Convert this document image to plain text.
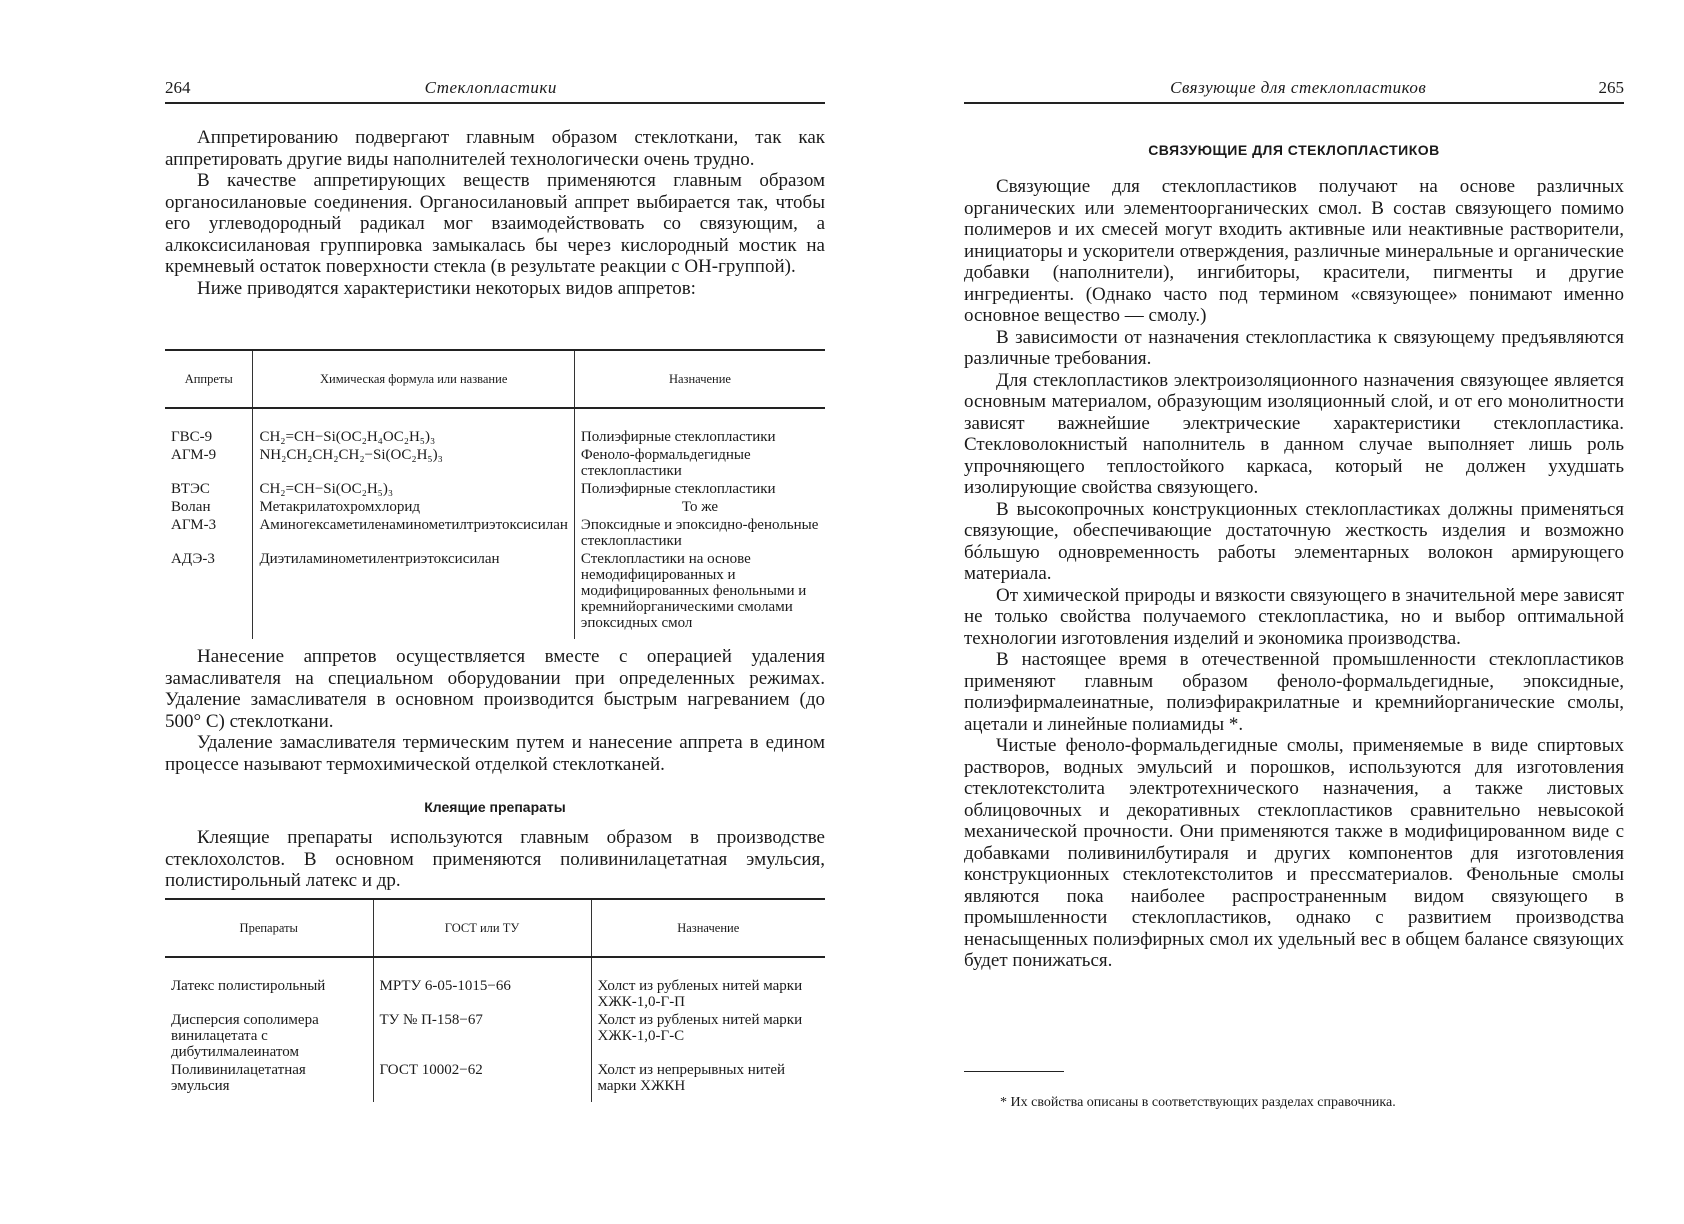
264	Стеклопластики

Аппретированию подвергают главным образом стеклоткани, так как аппретировать другие виды наполнителей технологически очень трудно.

В качестве аппретирующих веществ применяются главным образом органосилановые соединения. Органосилановый аппрет выбирается так, чтобы его углеводородный радикал мог взаимодействовать со связующим, а алкоксисилановая группировка замыкалась бы через кислородный мостик на кремневый остаток поверхности стекла (в результате реакции с ОН-группой).

Ниже приводятся характеристики некоторых видов аппретов:

Аппреты	Химическая формула или название	Назначение
ГВС-9	CH₂=CH−Si(OC₂H₄OC₂H₅)₃	Полиэфирные стеклопластики
АГМ-9	NH₂CH₂CH₂CH₂−Si(OC₂H₅)₃	Феноло-формальдегидные стеклопластики
ВТЭС	CH₂=CH−Si(OC₂H₅)₃	Полиэфирные стеклопластики
Волан	Метакрилатохромхлорид	То же
АГМ-3	Аминогексаметиленаминометилтриэтоксисилан	Эпоксидные и эпоксидно-фенольные стеклопластики
АДЭ-3	Диэтиламинометилентриэтоксисилан	Стеклопластики на основе немодифицированных и модифицированных фенольными и кремнийорганическими смолами эпоксидных смол

Нанесение аппретов осуществляется вместе с операцией удаления замасливателя на специальном оборудовании при определенных режимах. Удаление замасливателя в основном производится быстрым нагреванием (до 500° С) стеклоткани.

Удаление замасливателя термическим путем и нанесение аппрета в едином процессе называют термохимической отделкой стеклотканей.

Клеящие препараты

Клеящие препараты используются главным образом в производстве стеклохолстов. В основном применяются поливинилацетатная эмульсия, полистирольный латекс и др.

Препараты	ГОСТ или ТУ	Назначение
Латекс полистирольный	МРТУ 6-05-1015−66	Холст из рубленых нитей марки ХЖК-1,0-Г-П
Дисперсия сополимера винилацетата с дибутилмалеинатом	ТУ № П-158−67	Холст из рубленых нитей марки ХЖК-1,0-Г-С
Поливинилацетатная эмульсия	ГОСТ 10002−62	Холст из непрерывных нитей марки ХЖКН
Связующие для стеклопластиков	265
СВЯЗУЮЩИЕ ДЛЯ СТЕКЛОПЛАСТИКОВ

Связующие для стеклопластиков получают на основе различных органических или элементоорганических смол. В состав связующего помимо полимеров и их смесей могут входить активные или неактивные растворители, инициаторы и ускорители отверждения, различные минеральные и органические добавки (наполнители), ингибиторы, красители, пигменты и другие ингредиенты. (Однако часто под термином «связующее» понимают именно основное вещество — смолу.)

В зависимости от назначения стеклопластика к связующему предъявляются различные требования.

Для стеклопластиков электроизоляционного назначения связующее является основным материалом, образующим изоляционный слой, и от его монолитности зависят важнейшие электрические характеристики стеклопластика. Стекловолокнистый наполнитель в данном случае выполняет лишь роль упрочняющего теплостойкого каркаса, который не должен ухудшать изолирующие свойства связующего.

В высокопрочных конструкционных стеклопластиках должны применяться связующие, обеспечивающие достаточную жесткость изделия и возможно бóльшую одновременность работы элементарных волокон армирующего материала.

От химической природы и вязкости связующего в значительной мере зависят не только свойства получаемого стеклопластика, но и выбор оптимальной технологии изготовления изделий и экономика производства.

В настоящее время в отечественной промышленности стеклопластиков применяют главным образом феноло-формальдегидные, эпоксидные, полиэфирмалеинатные, полиэфиракрилатные и кремнийорганические смолы, ацетали и линейные полиамиды *.

Чистые феноло-формальдегидные смолы, применяемые в виде спиртовых растворов, водных эмульсий и порошков, используются для изготовления стеклотекстолита электротехнического назначения, а также листовых облицовочных и декоративных стеклопластиков сравнительно невысокой механической прочности. Они применяются также в модифицированном виде с добавками поливинилбутираля и других компонентов для изготовления конструкционных стеклотекстолитов и прессматериалов. Фенольные смолы являются пока наиболее распространенным видом связующего в промышленности стеклопластиков, однако с развитием производства ненасыщенных полиэфирных смол их удельный вес в общем балансе связующих будет понижаться.

* Их свойства описаны в соответствующих разделах справочника.
